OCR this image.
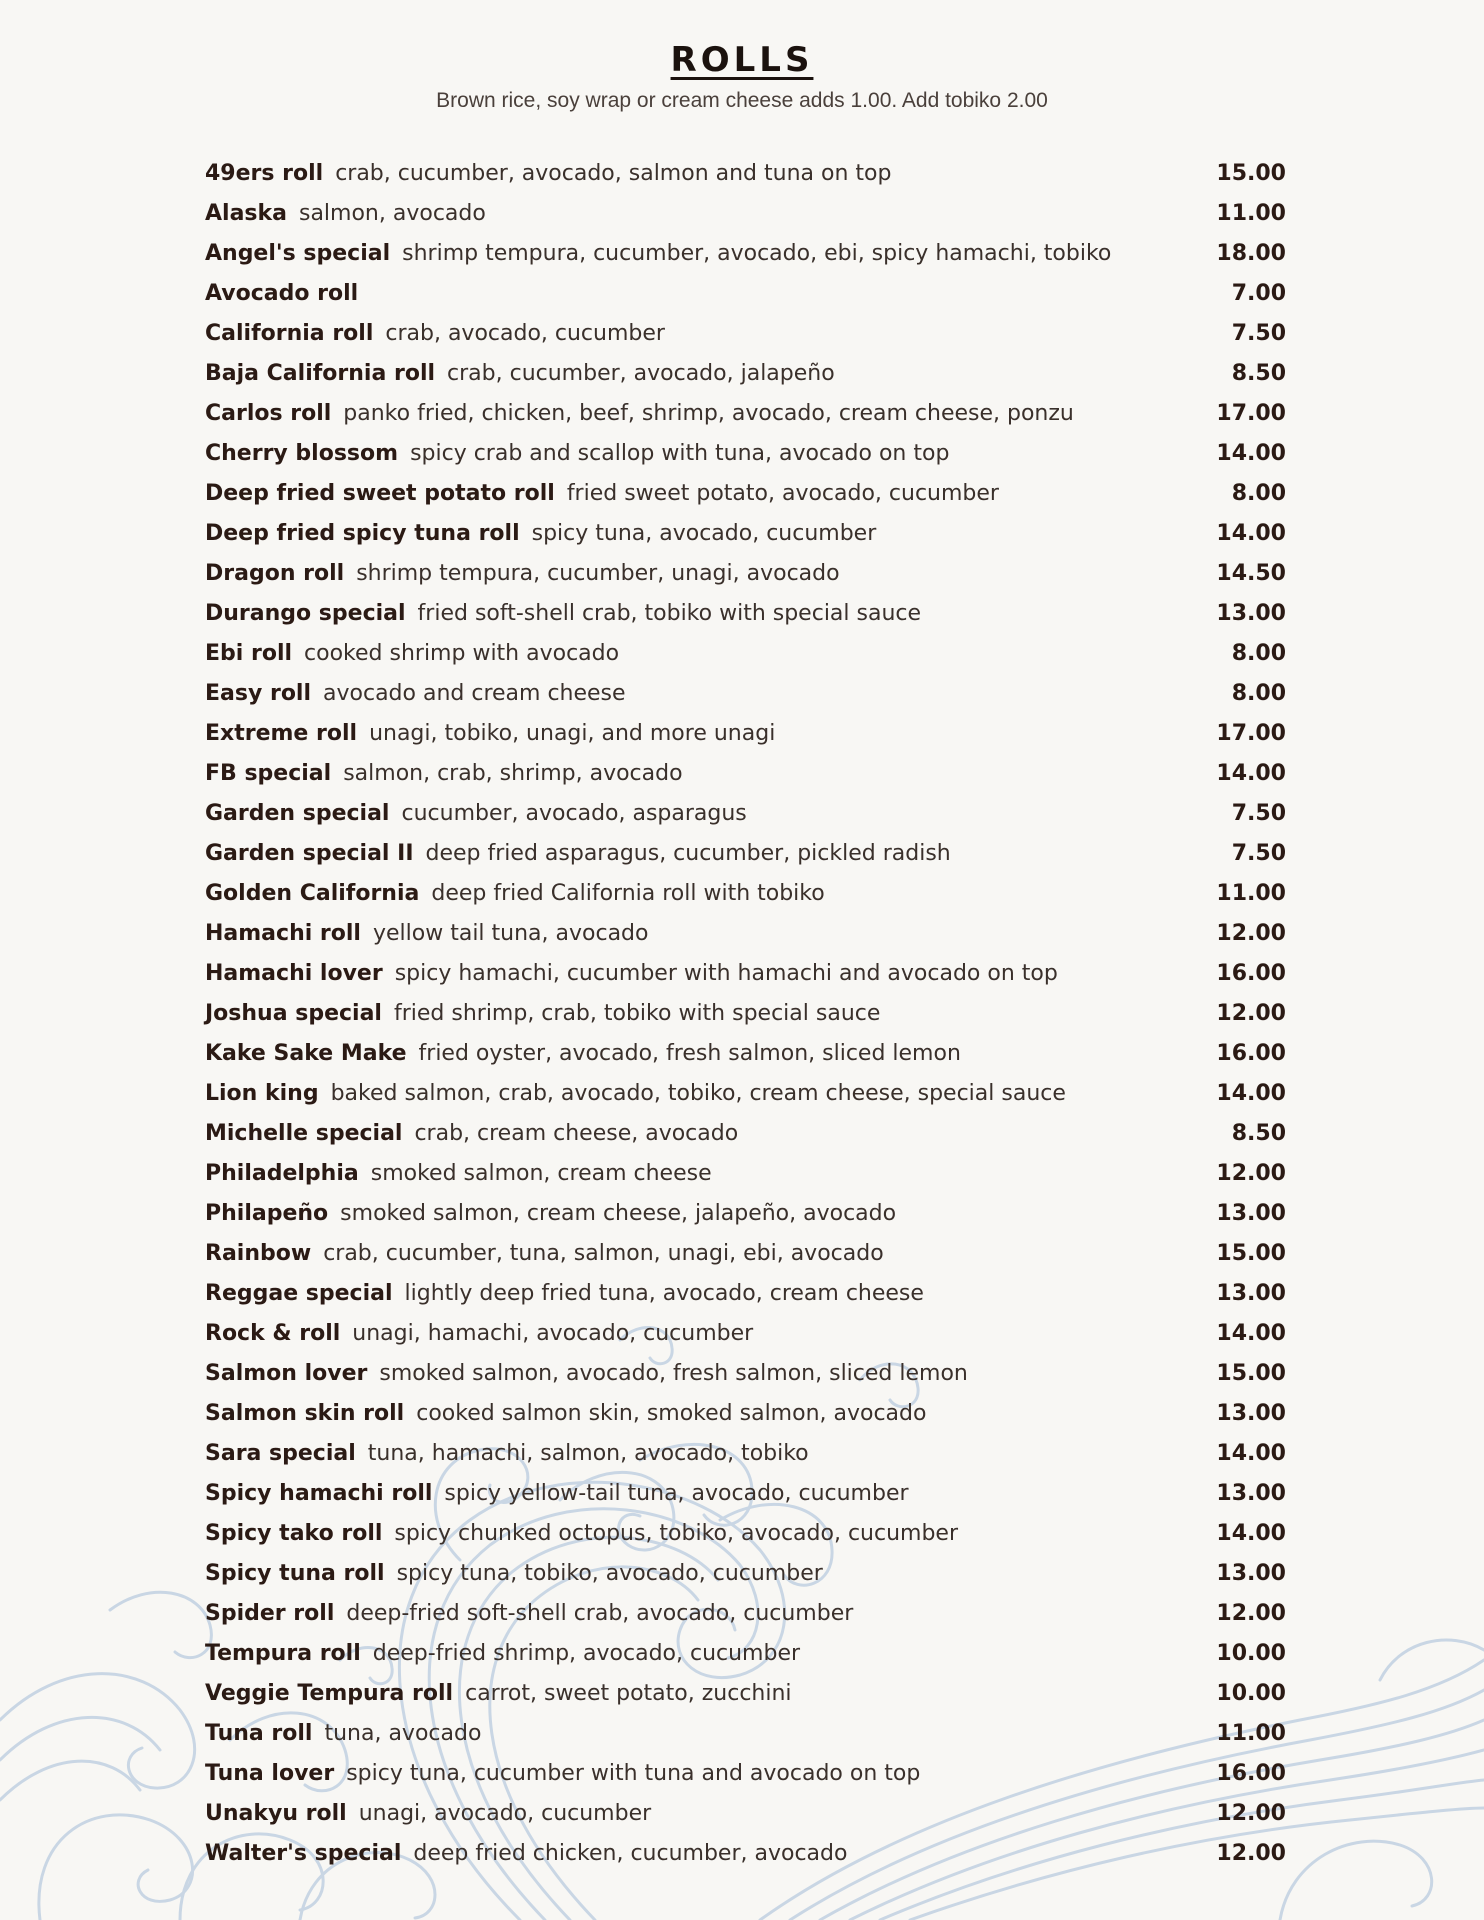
ROLLS
Brown rice, soy wrap or cream cheese adds 1.00. Add tobiko 2.00
49ers roll crab, cucumber, avocado, salmon and tuna on top	15.00
Alaska salmon, avocado	11.00
Angel's special shrimp tempura, cucumber, avocado, ebi, spicy hamachi, tobiko	18.00
Avocado roll	7.00
California roll crab, avocado, cucumber	7.50
Baja California roll crab, cucumber, avocado, jalapeño	8.50
Carlos roll panko fried, chicken, beef, shrimp, avocado, cream cheese, ponzu	17.00
Cherry blossom spicy crab and scallop with tuna, avocado on top	14.00
Deep fried sweet potato roll fried sweet potato, avocado, cucumber	8.00
Deep fried spicy tuna roll spicy tuna, avocado, cucumber	14.00
Dragon roll shrimp tempura, cucumber, unagi, avocado	14.50
Durango special fried soft-shell crab, tobiko with special sauce	13.00
Ebi roll cooked shrimp with avocado	8.00
Easy roll avocado and cream cheese	8.00
Extreme roll unagi, tobiko, unagi, and more unagi	17.00
FB special salmon, crab, shrimp, avocado	14.00
Garden special cucumber, avocado, asparagus	7.50
Garden special II deep fried asparagus, cucumber, pickled radish	7.50
Golden California deep fried California roll with tobiko	11.00
Hamachi roll yellow tail tuna, avocado	12.00
Hamachi lover spicy hamachi, cucumber with hamachi and avocado on top	16.00
Joshua special fried shrimp, crab, tobiko with special sauce	12.00
Kake Sake Make fried oyster, avocado, fresh salmon, sliced lemon	16.00
Lion king baked salmon, crab, avocado, tobiko, cream cheese, special sauce	14.00
Michelle special crab, cream cheese, avocado	8.50
Philadelphia smoked salmon, cream cheese	12.00
Philapeño smoked salmon, cream cheese, jalapeño, avocado	13.00
Rainbow crab, cucumber, tuna, salmon, unagi, ebi, avocado	15.00
Reggae special lightly deep fried tuna, avocado, cream cheese	13.00
Rock & roll unagi, hamachi, avocado, cucumber	14.00
Salmon lover smoked salmon, avocado, fresh salmon, sliced lemon	15.00
Salmon skin roll cooked salmon skin, smoked salmon, avocado	13.00
Sara special tuna, hamachi, salmon, avocado, tobiko	14.00
Spicy hamachi roll spicy yellow-tail tuna, avocado, cucumber	13.00
Spicy tako roll spicy chunked octopus, tobiko, avocado, cucumber	14.00
Spicy tuna roll spicy tuna, tobiko, avocado, cucumber	13.00
Spider roll deep-fried soft-shell crab, avocado, cucumber	12.00
Tempura roll deep-fried shrimp, avocado, cucumber	10.00
Veggie Tempura roll carrot, sweet potato, zucchini	10.00
Tuna roll tuna, avocado	11.00
Tuna lover spicy tuna, cucumber with tuna and avocado on top	16.00
Unakyu roll unagi, avocado, cucumber	12.00
Walter's special deep fried chicken, cucumber, avocado	12.00
